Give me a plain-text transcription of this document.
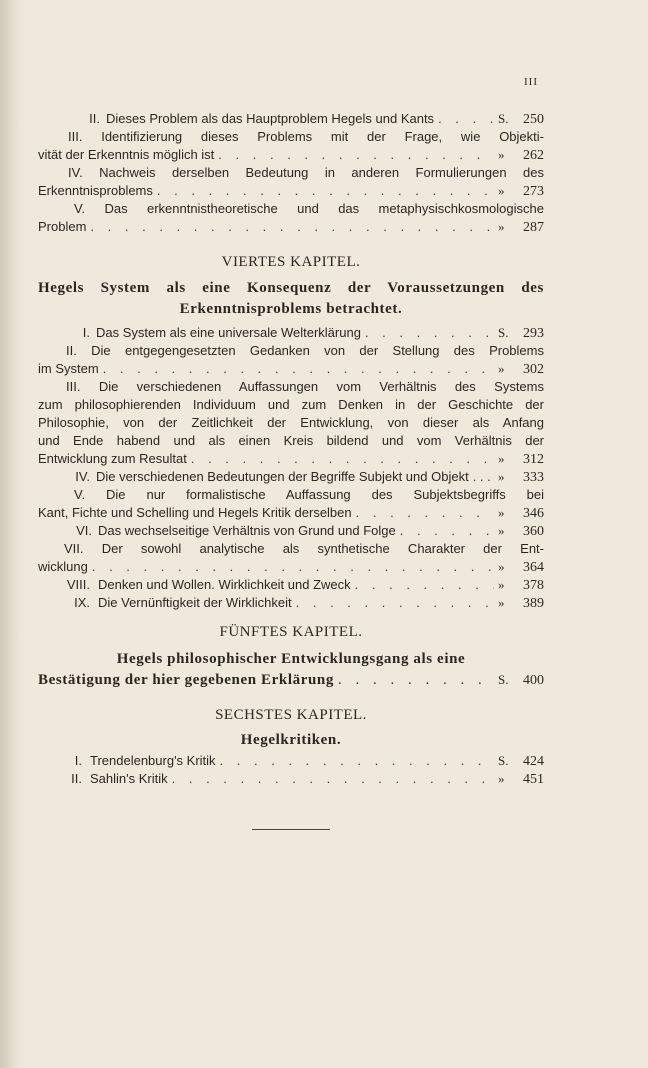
III
II. Dieses Problem als das Hauptproblem Hegels und Kants . . .	S.	250
III. Identifizierung dieses Problems mit der Frage, wie Objekti-
vität der Erkenntnis möglich ist . . .	»	262
IV. Nachweis derselben Bedeutung in anderen Formulierungen des
Erkenntnisproblems . . .	»	273
V. Das erkenntnistheoretische und das metaphysischkosmologische
Problem . . .	»	287
VIERTES KAPITEL.
Hegels System als eine Konsequenz der Voraussetzungen des
Erkenntnisproblems betrachtet.
I. Das System als eine universale Welterklärung . . .	S.	293
II. Die entgegengesetzten Gedanken von der Stellung des Problems
im System . . .	»	302
III. Die verschiedenen Auffassungen vom Verhältnis des Systems
zum philosophierenden Individuum und zum Denken in der Geschichte der
Philosophie, von der Zeitlichkeit der Entwicklung, von dieser als Anfang
und Ende habend und als einen Kreis bildend und vom Verhältnis der
Entwicklung zum Resultat . . .	»	312
IV. Die verschiedenen Bedeutungen der Begriffe Subjekt und Objekt . . . »	333
V. Die nur formalistische Auffassung des Subjektsbegriffs bei
Kant, Fichte und Schelling und Hegels Kritik derselben . . .	»	346
VI. Das wechselseitige Verhältnis von Grund und Folge . . .	»	360
VII. Der sowohl analytische als synthetische Charakter der Ent-
wicklung . . .	»	364
VIII. Denken und Wollen. Wirklichkeit und Zweck . . .	»	378
IX. Die Vernünftigkeit der Wirklichkeit . . .	»	389
FÜNFTES KAPITEL.
Hegels philosophischer Entwicklungsgang als eine
Bestätigung der hier gegebenen Erklärung . . .	S.	400
SECHSTES KAPITEL.
Hegelkritiken.
I. Trendelenburg's Kritik . . .	S.	424
II. Sahlin's Kritik . . .	»	451
